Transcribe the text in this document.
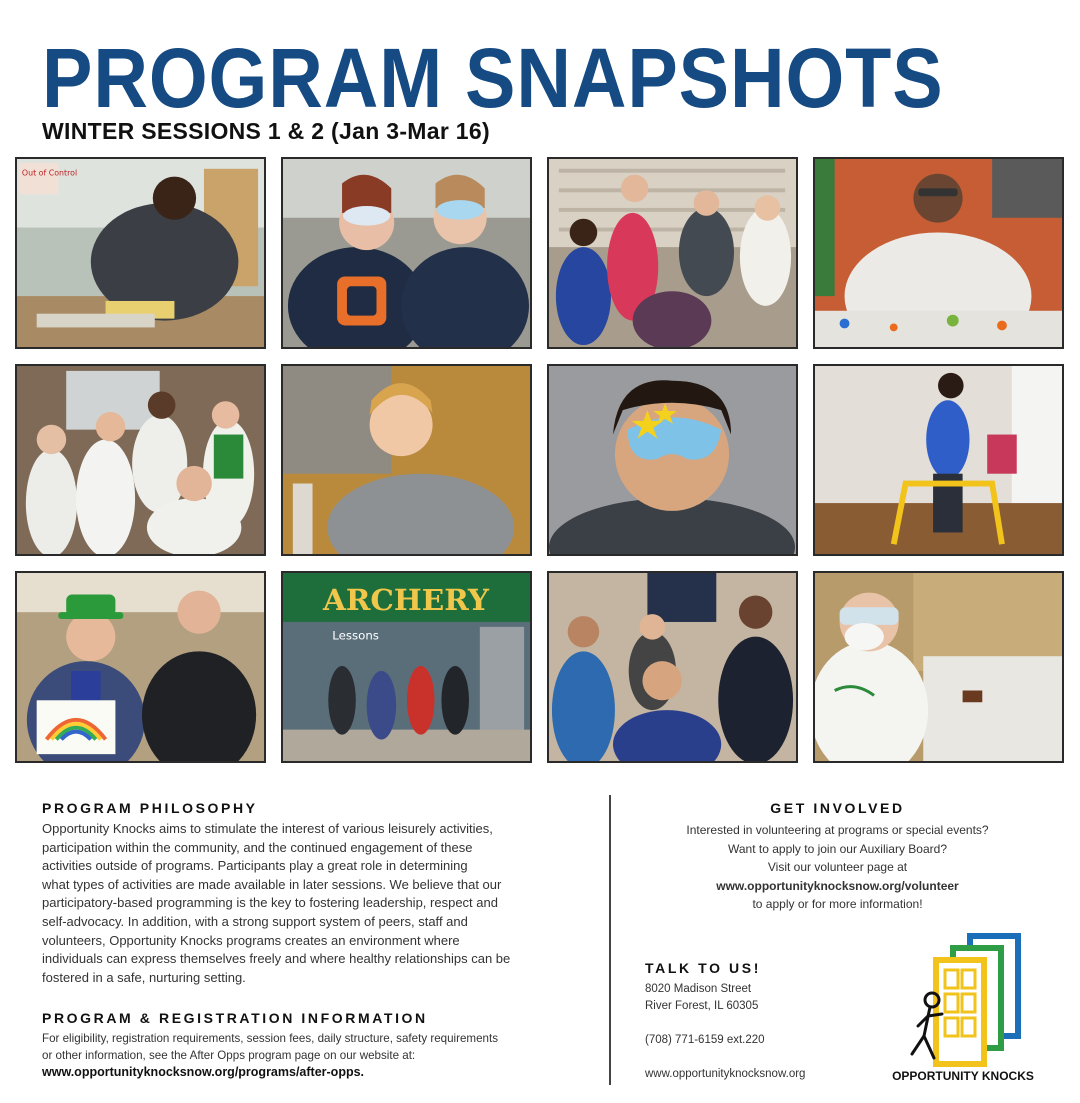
PROGRAM SNAPSHOTS
WINTER SESSIONS 1 & 2 (Jan 3-Mar 16)
Out of Control
ARCHERY
Lessons
PROGRAM PHILOSOPHY
Opportunity Knocks aims to stimulate the interest of various leisurely activities,
participation within the community, and the continued engagement of these
activities outside of programs. Participants play a great role in determining
what types of activities are made available in later sessions. We believe that our
participatory-based programming is the key to fostering leadership, respect and
self-advocacy. In addition, with a strong support system of peers, staff and
volunteers, Opportunity Knocks programs creates an environment where
individuals can express themselves freely and where healthy relationships can be
fostered in a safe, nurturing setting.
PROGRAM & REGISTRATION INFORMATION
For eligibility, registration requirements, session fees, daily structure, safety requirements
or other information, see the After Opps program page on our website at:
www.opportunityknocksnow.org/programs/after-opps.
GET INVOLVED

Interested in volunteering at programs or special events?

Want to apply to join our Auxiliary Board?

Visit our volunteer page at

www.opportunityknocksnow.org/volunteer

to apply or for more information!

TALK TO US!

8020 Madison Street

River Forest, IL 60305

(708) 771-6159 ext.220

www.opportunityknocksnow.org	OPPORTUNITY KNOCKS
